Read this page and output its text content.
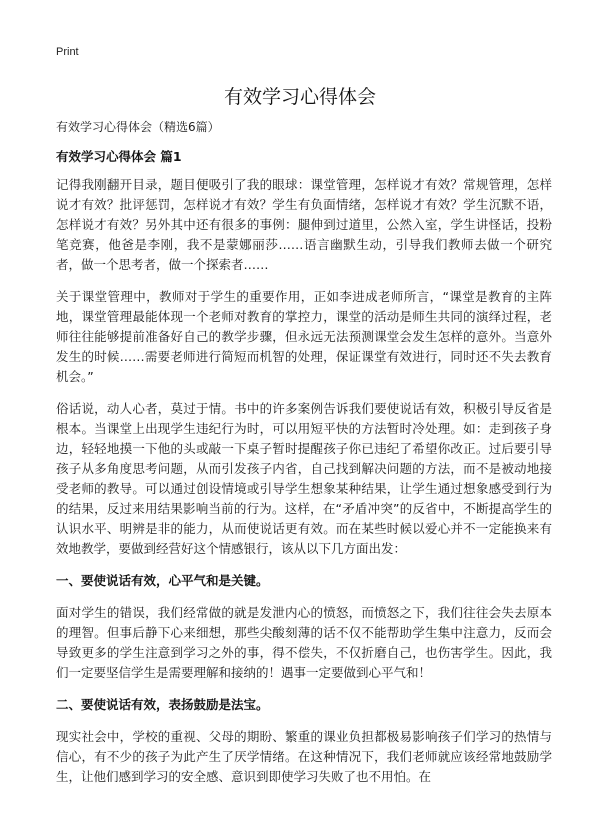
Print
有效学习心得体会

有效学习心得体会（精选6篇）

有效学习心得体会 篇1

记得我刚翻开目录，题目便吸引了我的眼球：课堂管理，怎样说才有效？常规管理，怎样说才有效？批评惩罚，怎样说才有效？学生有负面情绪，怎样说才有效？学生沉默不语，怎样说才有效？另外其中还有很多的事例：腿伸到过道里，公然入室，学生讲怪话，投粉笔竞赛，他爸是李刚，我不是蒙娜丽莎……语言幽默生动，引导我们教师去做一个研究者，做一个思考者，做一个探索者……

关于课堂管理中，教师对于学生的重要作用，正如李进成老师所言，“课堂是教育的主阵地，课堂管理最能体现一个老师对教育的掌控力，课堂的活动是师生共同的演绎过程，老师往往能够提前准备好自己的教学步骤，但永远无法预测课堂会发生怎样的意外。当意外发生的时候……需要老师进行简短而机智的处理，保证课堂有效进行，同时还不失去教育机会。”

俗话说，动人心者，莫过于情。书中的许多案例告诉我们要使说话有效，积极引导反省是根本。当课堂上出现学生违纪行为时，可以用短平快的方法暂时冷处理。如：走到孩子身边，轻轻地摸一下他的头或敲一下桌子暂时提醒孩子你已违纪了希望你改正。过后要引导孩子从多角度思考问题，从而引发孩子内省，自己找到解决问题的方法，而不是被动地接受老师的教导。可以通过创设情境或引导学生想象某种结果，让学生通过想象感受到行为的结果，反过来用结果影响当前的行为。这样，在“矛盾冲突”的反省中，不断提高学生的认识水平、明辨是非的能力，从而使说话更有效。而在某些时候以爱心并不一定能换来有效地教学，要做到经营好这个情感银行，该从以下几方面出发：

一、要使说话有效，心平气和是关键。

面对学生的错误，我们经常做的就是发泄内心的愤怒，而愤怒之下，我们往往会失去原本的理智。但事后静下心来细想，那些尖酸刻薄的话不仅不能帮助学生集中注意力，反而会导致更多的学生注意到学习之外的事，得不偿失，不仅折磨自己，也伤害学生。因此，我们一定要坚信学生是需要理解和接纳的！遇事一定要做到心平气和！

二、要使说话有效，表扬鼓励是法宝。

现实社会中，学校的重视、父母的期盼、繁重的课业负担都极易影响孩子们学习的热情与信心，有不少的孩子为此产生了厌学情绪。在这种情况下，我们老师就应该经常地鼓励学生，让他们感到学习的安全感、意识到即使学习失败了也不用怕。在
